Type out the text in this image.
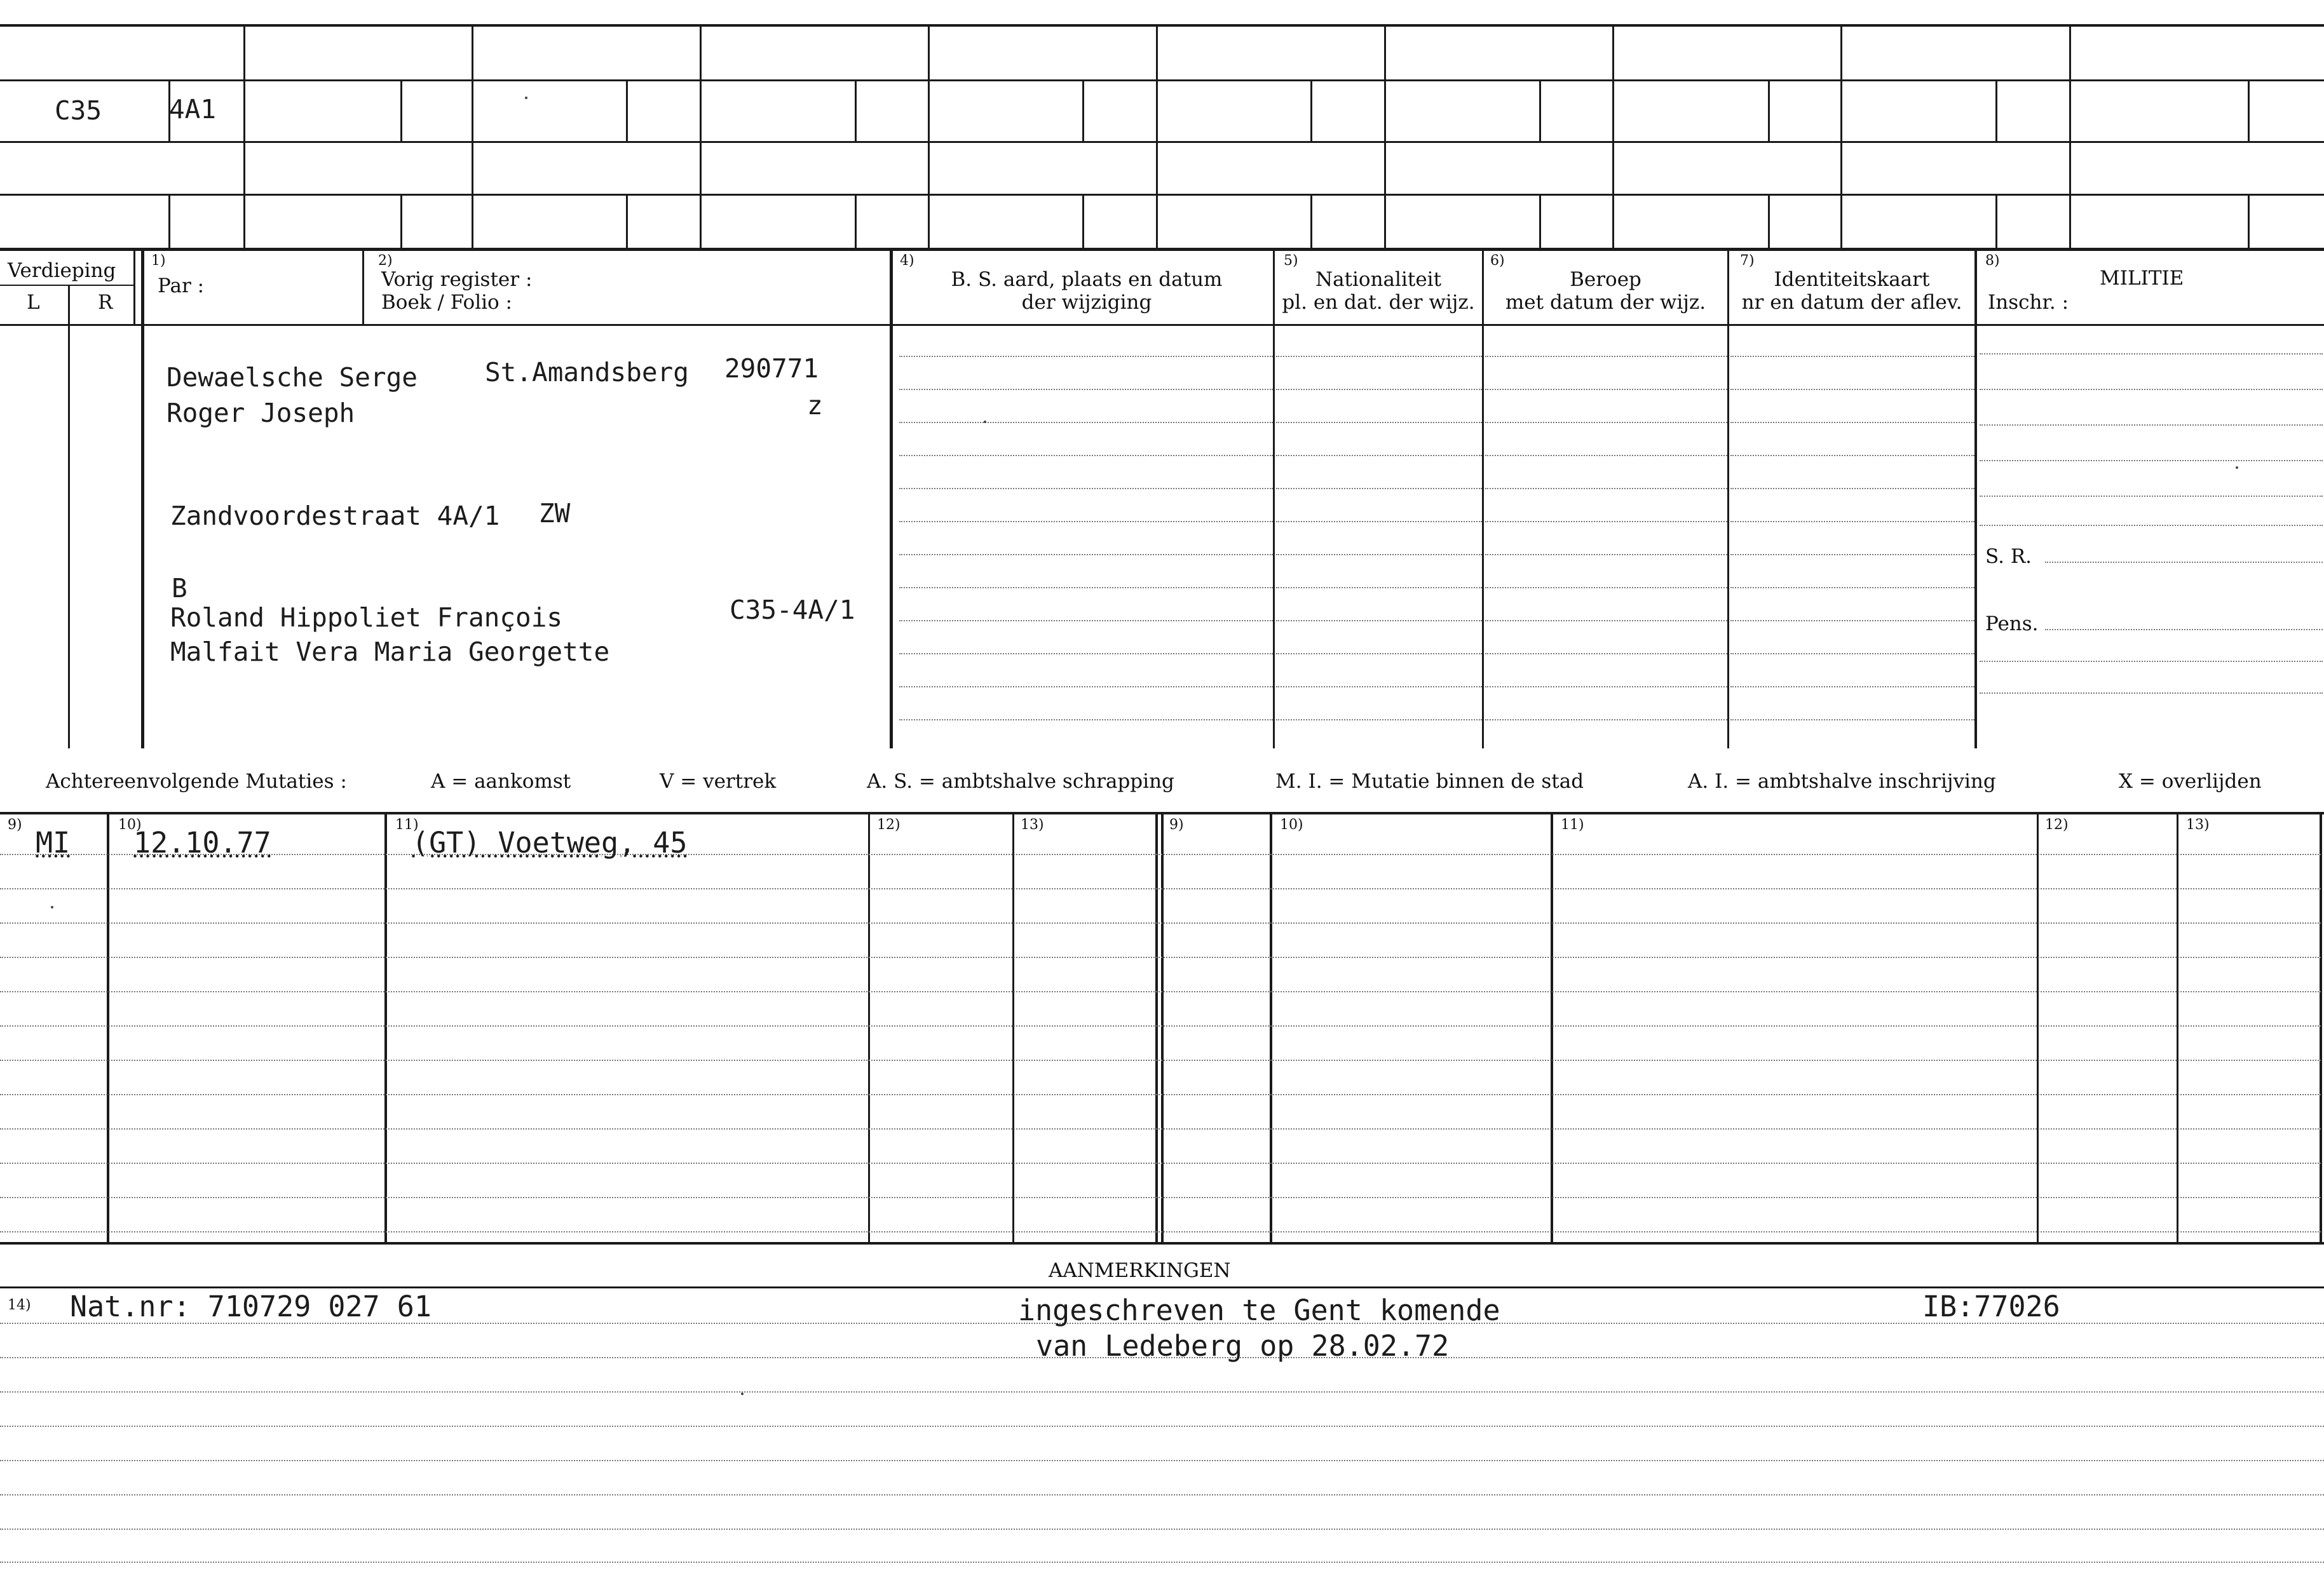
C35	4A1
Verdieping
L	R
1)
Par :
2)
Vorig register :
Boek / Folio :
4)
B. S. aard, plaats en datum
der wijziging
5)
Nationaliteit
pl. en dat. der wijz.
6)
Beroep
met datum der wijz.
7)
Identiteitskaart
nr en datum der aflev.
8)
MILITIE
Inschr. :
S. R.
Pens.
Dewaelsche Serge
Roger Joseph
St.Amandsberg 290771
z
Zandvoordestraat 4A/1 ZW
B
Roland Hippoliet François
Malfait Vera Maria Georgette
C35-4A/1
Achtereenvolgende Mutaties :	A = aankomst	V = vertrek	A. S. = ambtshalve schrapping	M. I. = Mutatie binnen de stad	A. I. = ambtshalve inschrijving	X = overlijden
9)	10)	11)	12)	13)	9)	10)	11)	12)	13)
MI 12.10.77	(GT) Voetweg, 45
AANMERKINGEN
14) Nat.nr: 710729 027 61	ingeschreven te Gent komende
van Ledeberg op 28.02.72
IB:77026
